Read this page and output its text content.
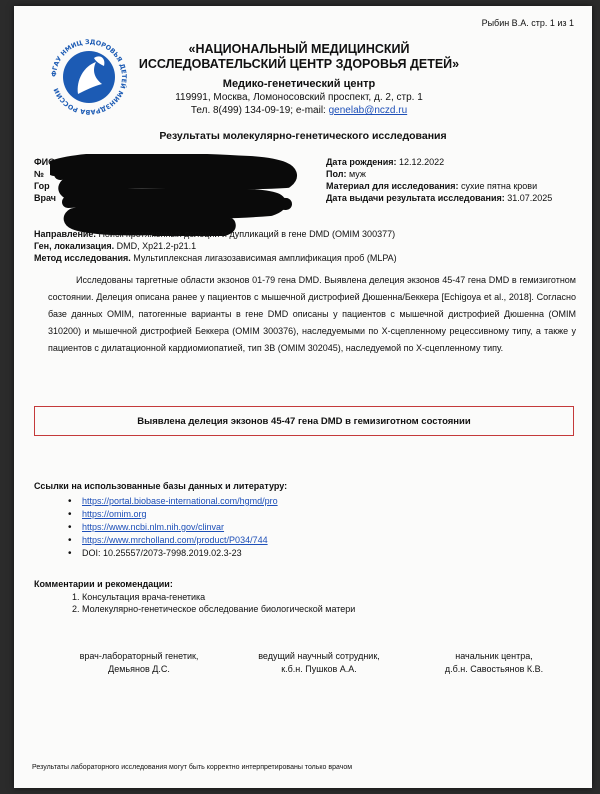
Рыбин В.А. стр. 1 из 1
ФГАУ НМИЦ ЗДОРОВЬЯ ДЕТЕЙ МИНЗДРАВА РОССИИ
«НАЦИОНАЛЬНЫЙ МЕДИЦИНСКИЙ
ИССЛЕДОВАТЕЛЬСКИЙ ЦЕНТР ЗДОРОВЬЯ ДЕТЕЙ»
Медико-генетический центр
119991, Москва, Ломоносовский проспект, д. 2, стр. 1
Тел. 8(499) 134-09-19; e-mail: genelab@nczd.ru
Результаты молекулярно-генетического исследования
ФИО
№
Гор
Врач
Дата рождения: 12.12.2022
Пол: муж
Материал для исследования: сухие пятна крови
Дата выдачи результата исследования: 31.07.2025
Направление. Поиск протяженных делеций и дупликаций в гене DMD (OMIM 300377)
Ген, локализация. DMD, Xp21.2-p21.1
Метод исследования. Мультиплексная лигазозависимая амплификация проб (MLPA)
Исследованы таргетные области экзонов 01-79 гена DMD. Выявлена делеция экзонов 45-47 гена DMD в гемизиготном состоянии. Делеция описана ранее у пациентов с мышечной дистрофией Дюшенна/Беккера [Echigoya et al., 2018]. Согласно базе данных OMIM, патогенные варианты в гене DMD описаны у пациентов с мышечной дистрофией Дюшенна (OMIM 310200) и мышечной дистрофией Беккера (OMIM 300376), наследуемыми по Х-сцепленному рецессивному типу, а также у пациентов с дилатационной кардиомиопатией, тип 3В (OMIM 302045), наследуемой по Х-сцепленному типу.
Выявлена делеция экзонов 45-47 гена DMD в гемизиготном состоянии
Ссылки на использованные базы данных и литературу:
• https://portal.biobase-international.com/hgmd/pro
• https://omim.org
• https://www.ncbi.nlm.nih.gov/clinvar
• https://www.mrcholland.com/product/P034/744
• DOI: 10.25557/2073-7998.2019.02.3-23
Комментарии и рекомендации:
1. Консультация врача-генетика
2. Молекулярно-генетическое обследование биологической матери
врач-лабораторный генетик,
Демьянов Д.С.
ведущий научный сотрудник,
к.б.н. Пушков А.А.
начальник центра,
д.б.н. Савостьянов К.В.
Результаты лабораторного исследования могут быть корректно интерпретированы только врачом
